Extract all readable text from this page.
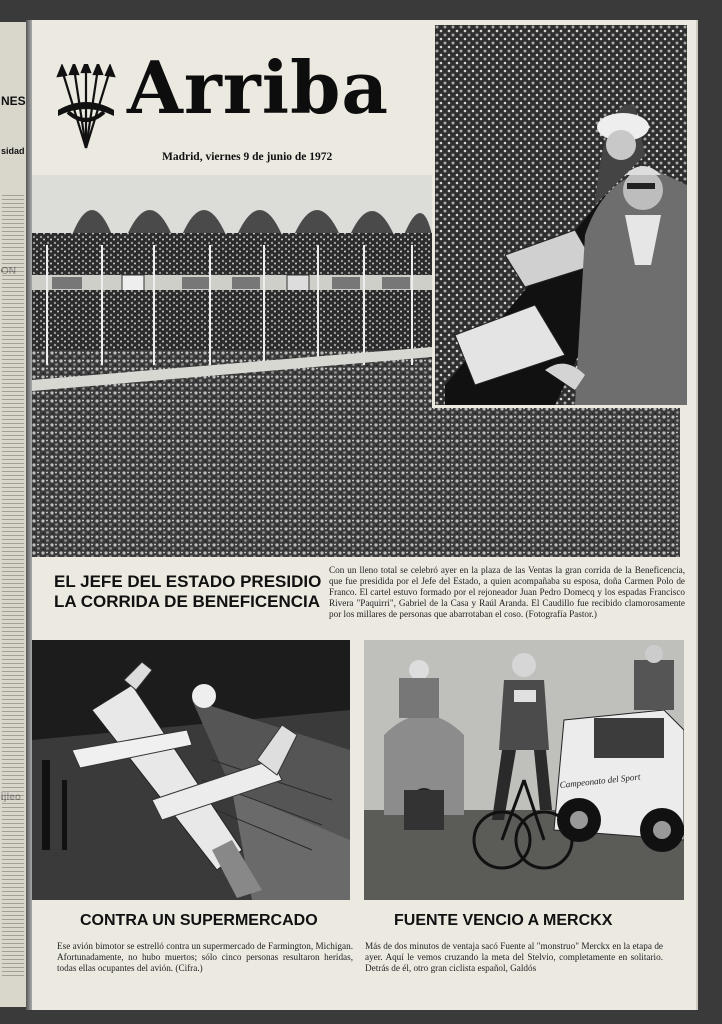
NES
sidad
Arriba
Madrid, viernes 9 de junio de 1972
EL JEFE DEL ESTADO PRESIDIO LA CORRIDA DE BENEFICENCIA
Con un lleno total se celebró ayer en la plaza de las Ventas la gran corrida de la Beneficencia, que fue presidida por el Jefe del Estado, a quien acompañaba su esposa, doña Carmen Polo de Franco. El cartel estuvo formado por el rejoneador Juan Pedro Domecq y los espadas Francisco Rivera "Paquirri", Gabriel de la Casa y Raúl Aranda. El Caudillo fue recibido clamorosamente por los millares de personas que abarrotaban el coso. (Fotografía Pastor.)
Campeonato del Sport
CONTRA UN SUPERMERCADO
Ese avión bimotor se estrelló contra un supermercado de Farmington, Michigan. Afortunadamente, no hubo muertos; sólo cinco personas resultaron heridas, todas ellas ocupantes del avión. (Cifra.)
FUENTE VENCIO A MERCKX
Más de dos minutos de ventaja sacó Fuente al "monstruo" Merckx en la etapa de ayer. Aquí le vemos cruzando la meta del Stelvio, completamente en solitario. Detrás de él, otro gran ciclista español, Galdós
